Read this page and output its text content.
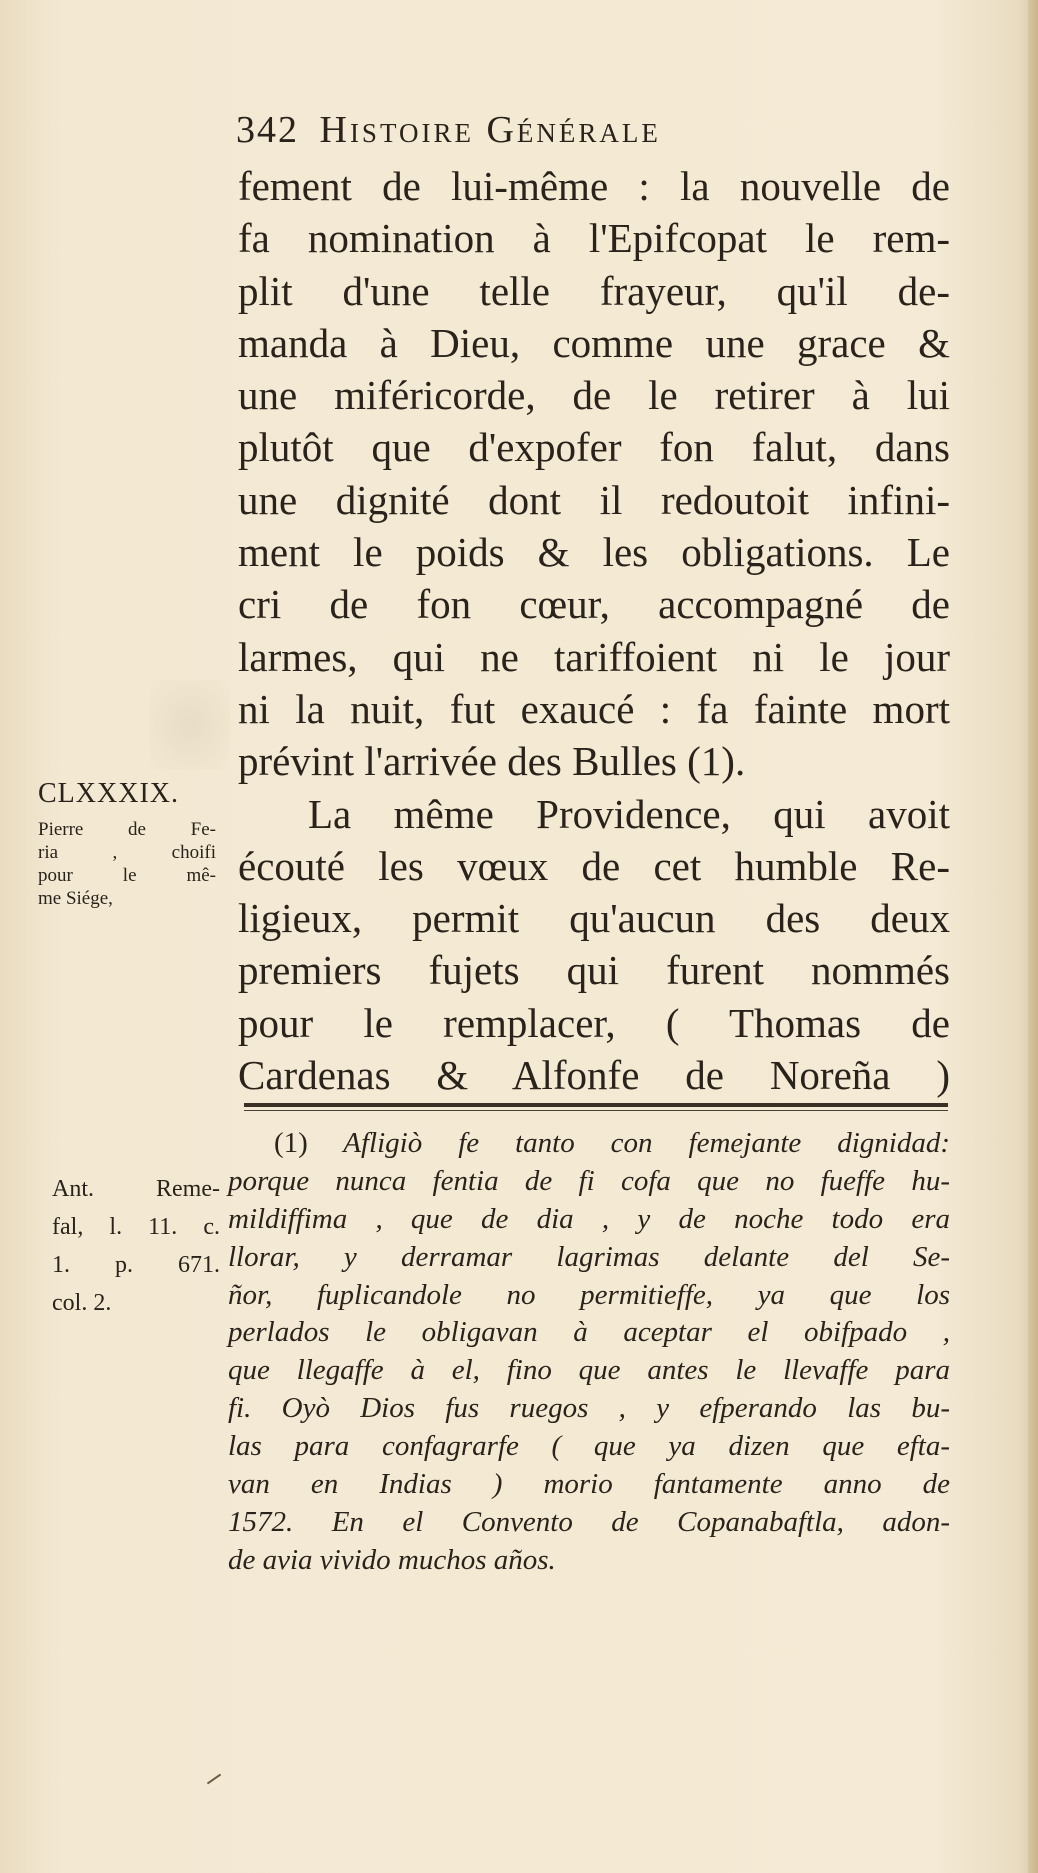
342 Histoire Générale
fement de lui-même : la nouvelle de
fa nomination à l'Epifcopat le rem-
plit d'une telle frayeur, qu'il de-
manda à Dieu, comme une grace &
une miféricorde, de le retirer à lui
plutôt que d'expofer fon falut, dans
une dignité dont il redoutoit infini-
ment le poids & les obligations. Le
cri de fon cœur, accompagné de
larmes, qui ne tariffoient ni le jour
ni la nuit, fut exaucé : fa fainte mort
prévint l'arrivée des Bulles (1).
La même Providence, qui avoit
écouté les vœux de cet humble Re-
ligieux, permit qu'aucun des deux
premiers fujets qui furent nommés
pour le remplacer, ( Thomas de
Cardenas & Alfonfe de Noreña )
CLXXXIX.
Pierre de Fe-
ria , choifi
pour le mê-
me Siége,
(1) Afligiò fe tanto con femejante dignidad:
porque nunca fentia de fi cofa que no fueffe hu-
mildiffima , que de dia , y de noche todo era
llorar, y derramar lagrimas delante del Se-
ñor, fuplicandole no permitieffe, ya que los
perlados le obligavan à aceptar el obifpado ,
que llegaffe à el, fino que antes le llevaffe para
fi. Oyò Dios fus ruegos , y efperando las bu-
las para confagrarfe ( que ya dizen que efta-
van en Indias ) morio fantamente anno de
1572. En el Convento de Copanabaftla, adon-
de avia vivido muchos años.
Ant. Reme-
fal, l. 11. c.
1. p. 671.
col. 2.
